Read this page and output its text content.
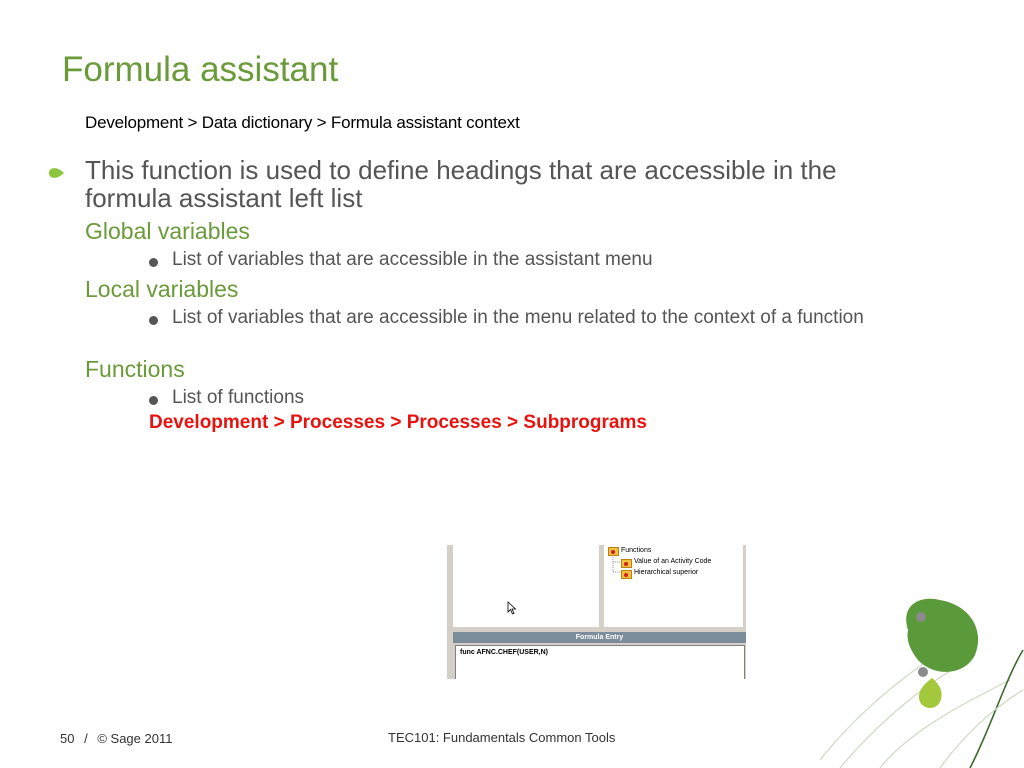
Formula assistant
Development > Data dictionary > Formula assistant context
This function is used to define headings that are accessible in the formula assistant left list
Global variables
List of variables that are accessible in the assistant menu
Local variables
List of variables that are accessible in the menu related to the context of a function
Functions
List of functions
Development > Processes > Processes > Subprograms
Functions
Value of an Activity Code
Hierarchical superior
Formula Entry
func AFNC.CHEF(USER,N)
50 / © Sage 2011	TEC101: Fundamentals Common Tools
